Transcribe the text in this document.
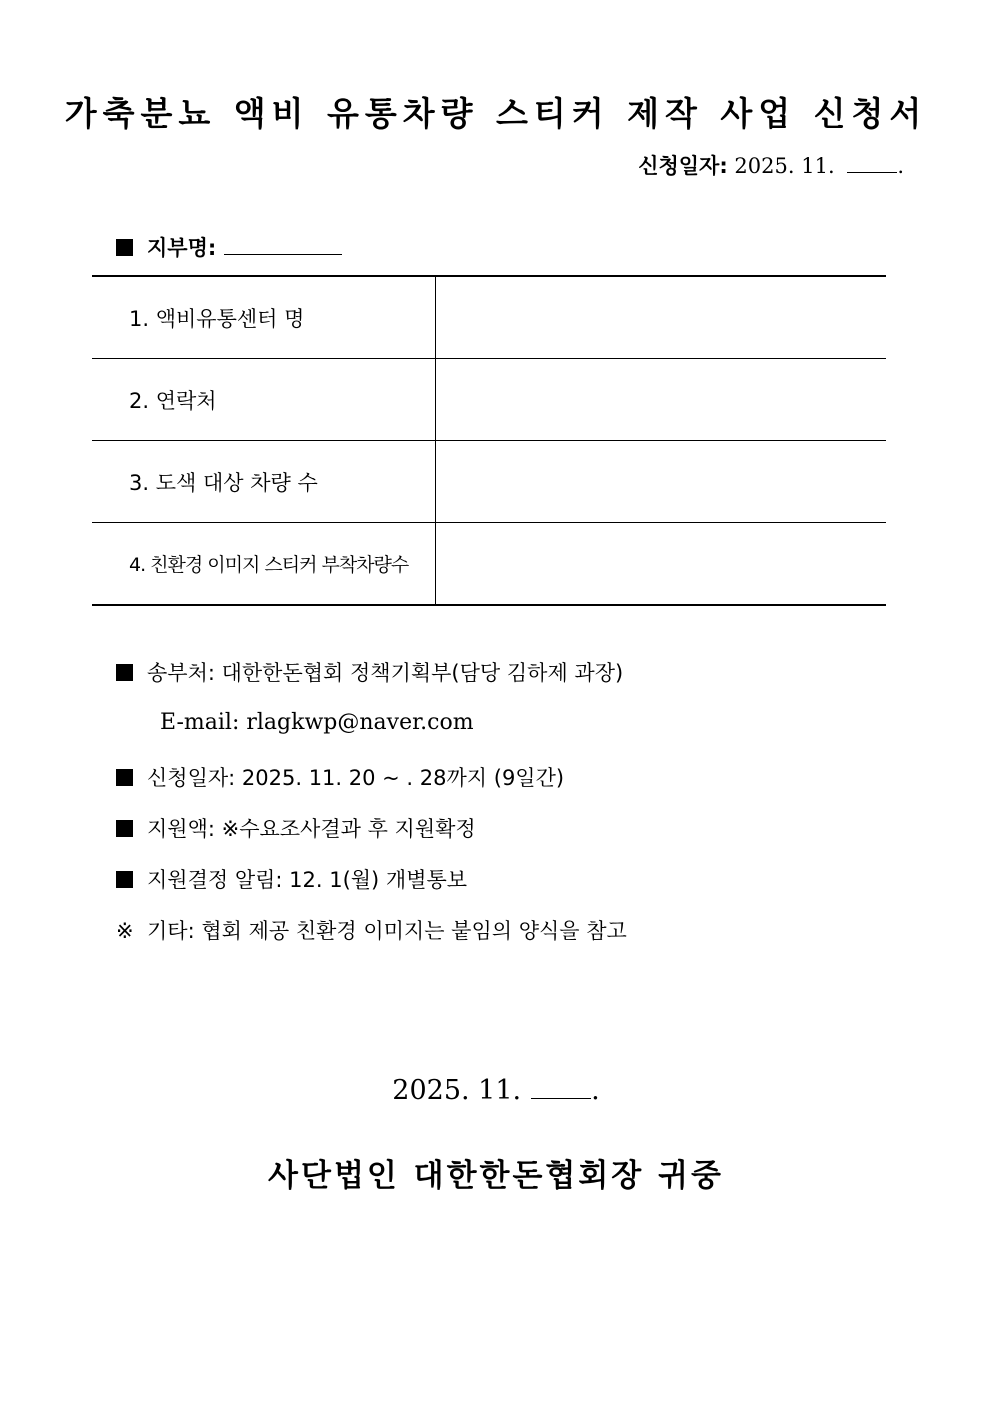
가축분뇨 액비 유통차량 스티커 제작 사업 신청서
신청일자: 2025. 11.	.
지부명:
1. 액비유통센터 명	
2. 연락처	
3. 도색 대상 차량 수	
4. 친환경 이미지 스티커 부착차량수	
송부처: 대한한돈협회 정책기획부(담당 김하제 과장)
E-mail: rlagkwp@naver.com
신청일자: 2025. 11. 20 ~ . 28까지 (9일간)
지원액: ※수요조사결과 후 지원확정
지원결정 알림: 12. 1(월) 개별통보
※ 기타: 협회 제공 친환경 이미지는 붙임의 양식을 참고
2025. 11.	.
사단법인 대한한돈협회장 귀중
